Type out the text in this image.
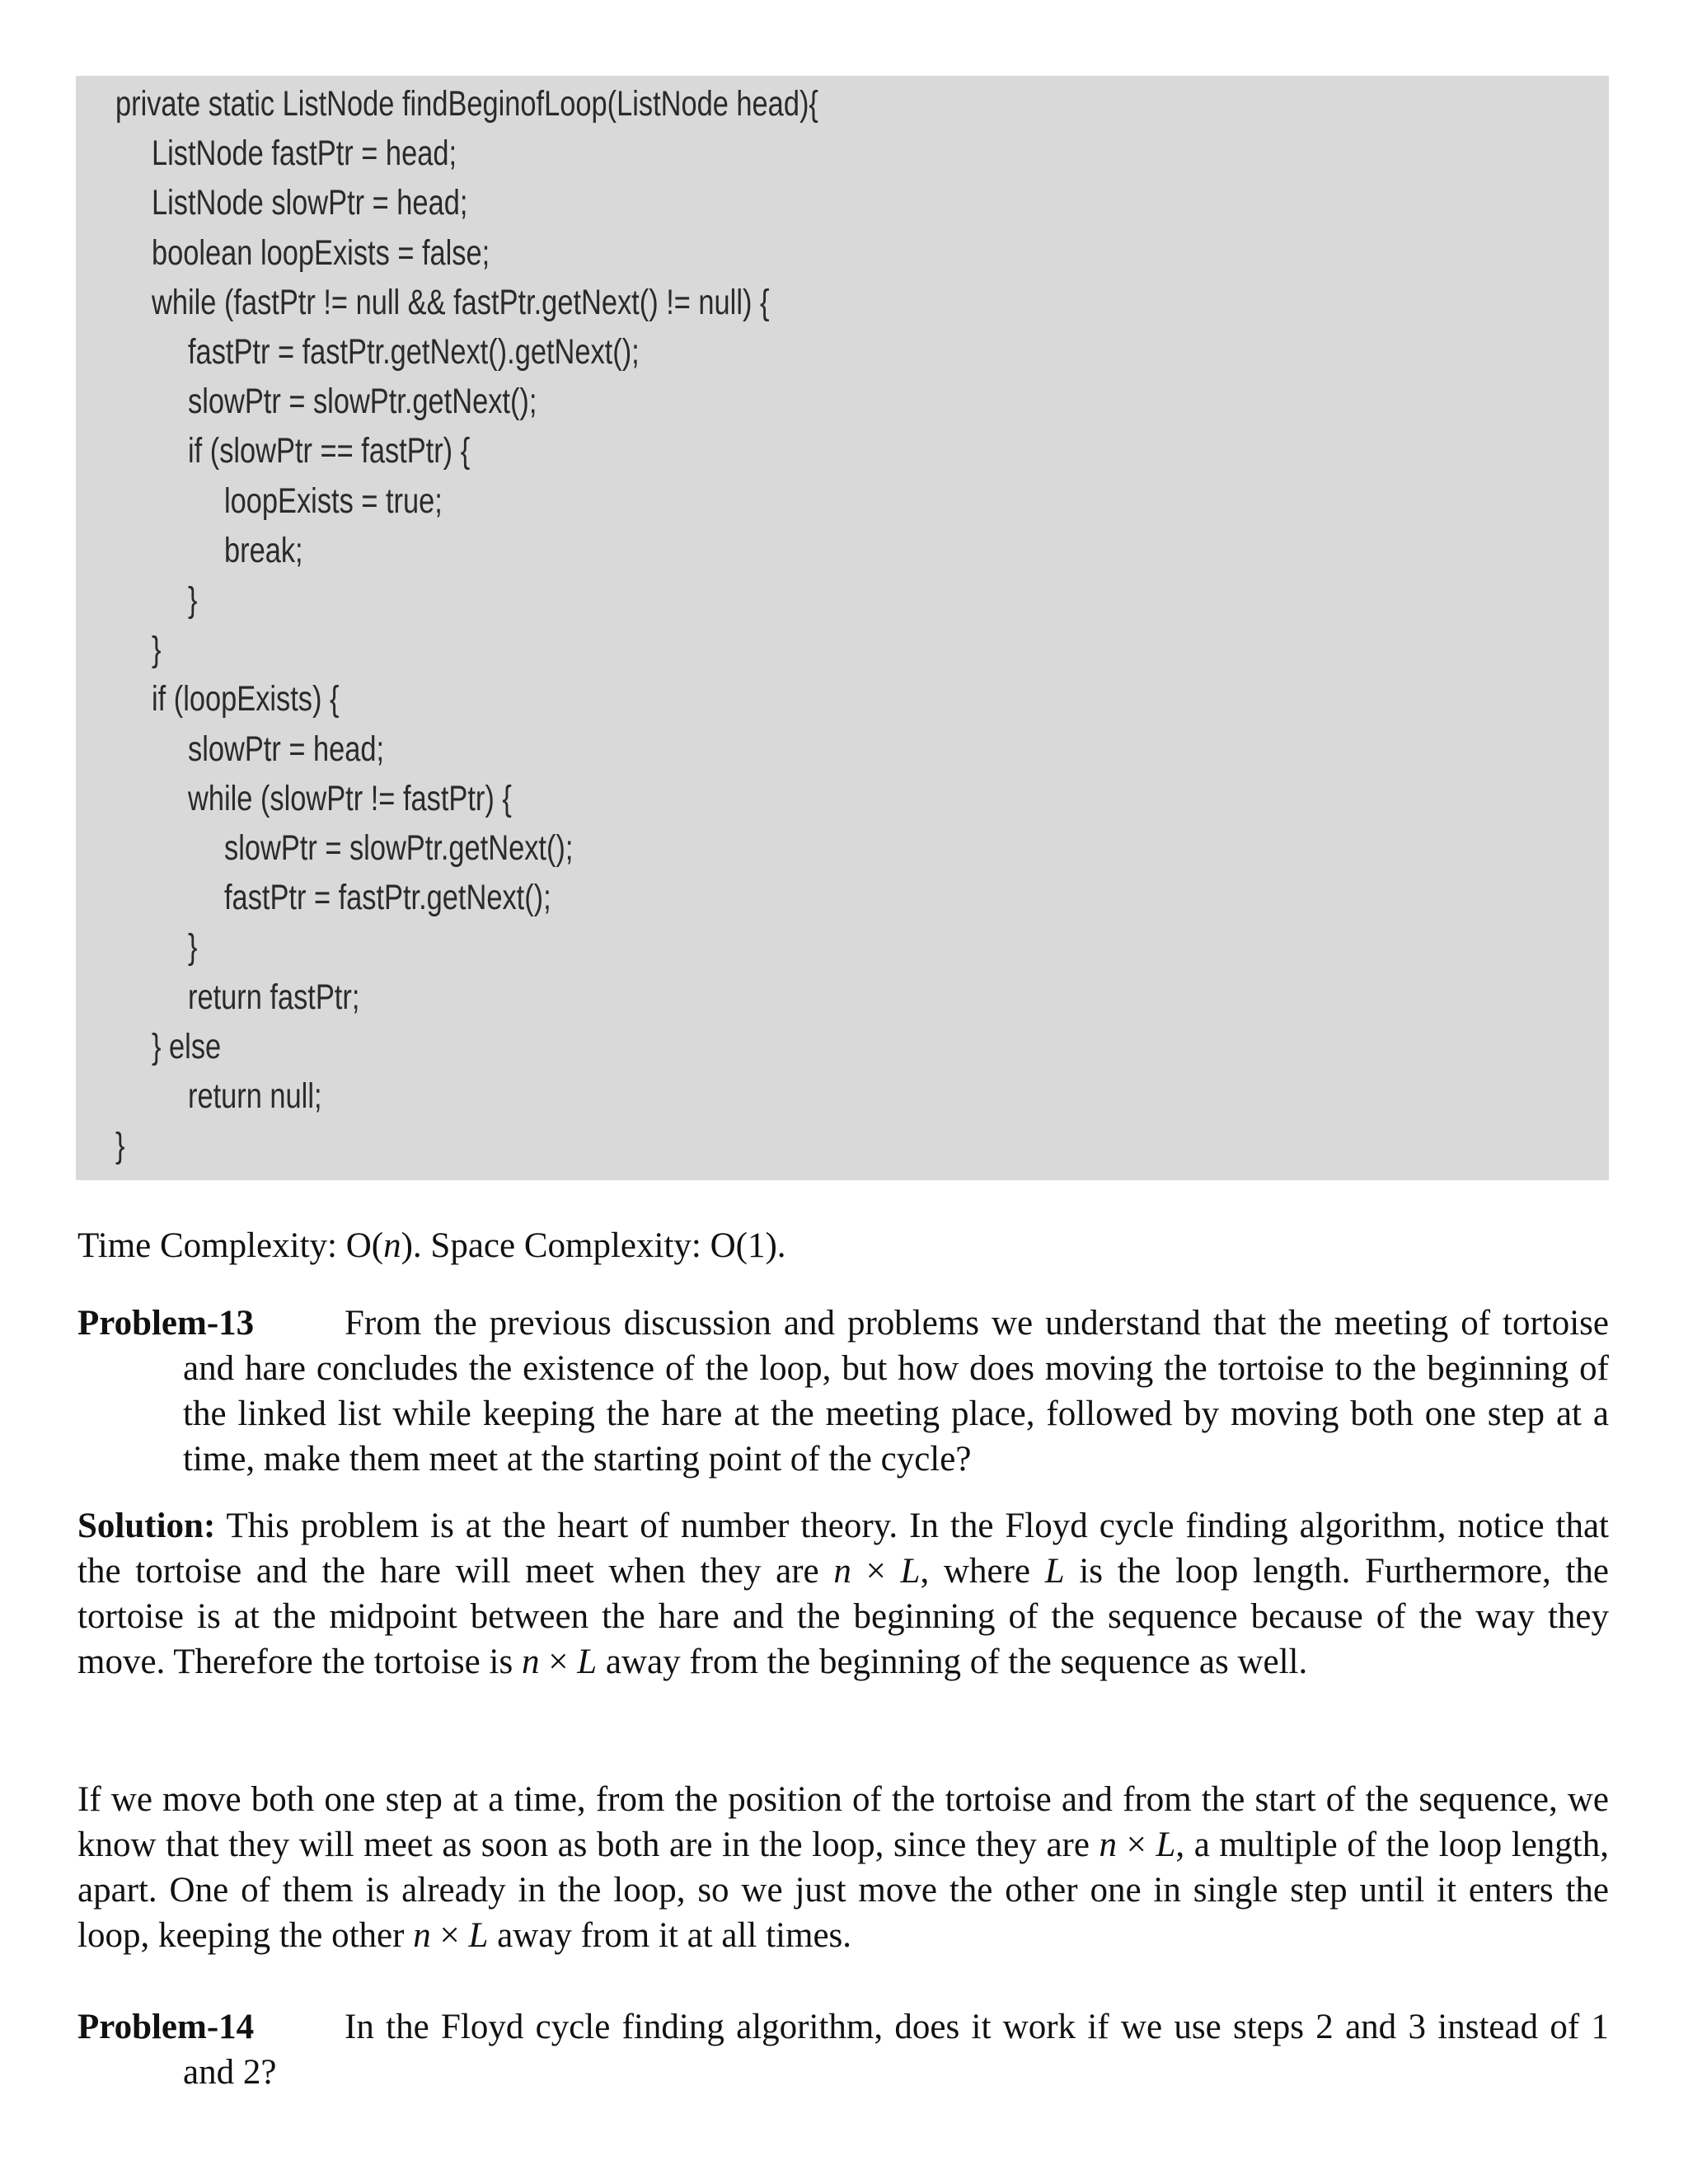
private static ListNode findBeginofLoop(ListNode head){
ListNode fastPtr = head;
ListNode slowPtr = head;
boolean loopExists = false;
while (fastPtr != null && fastPtr.getNext() != null) {
fastPtr = fastPtr.getNext().getNext();
slowPtr = slowPtr.getNext();
if (slowPtr == fastPtr) {
loopExists = true;
break;
}
}
if (loopExists) {
slowPtr = head;
while (slowPtr != fastPtr) {
slowPtr = slowPtr.getNext();
fastPtr = fastPtr.getNext();
}
return fastPtr;
} else
return null;
}
Time Complexity: O(n). Space Complexity: O(1).
Problem-13	From the previous discussion and problems we understand that the meeting of tortoise and hare concludes the existence of the loop, but how does moving the tortoise to the beginning of the linked list while keeping the hare at the meeting place, followed by moving both one step at a time, make them meet at the starting point of the cycle?
Solution: This problem is at the heart of number theory. In the Floyd cycle finding algorithm, notice that the tortoise and the hare will meet when they are n × L, where L is the loop length. Furthermore, the tortoise is at the midpoint between the hare and the beginning of the sequence because of the way they move. Therefore the tortoise is n × L away from the beginning of the sequence as well.
If we move both one step at a time, from the position of the tortoise and from the start of the sequence, we know that they will meet as soon as both are in the loop, since they are n × L, a multiple of the loop length, apart. One of them is already in the loop, so we just move the other one in single step until it enters the loop, keeping the other n × L away from it at all times.
Problem-14	In the Floyd cycle finding algorithm, does it work if we use steps 2 and 3 instead of 1 and 2?
